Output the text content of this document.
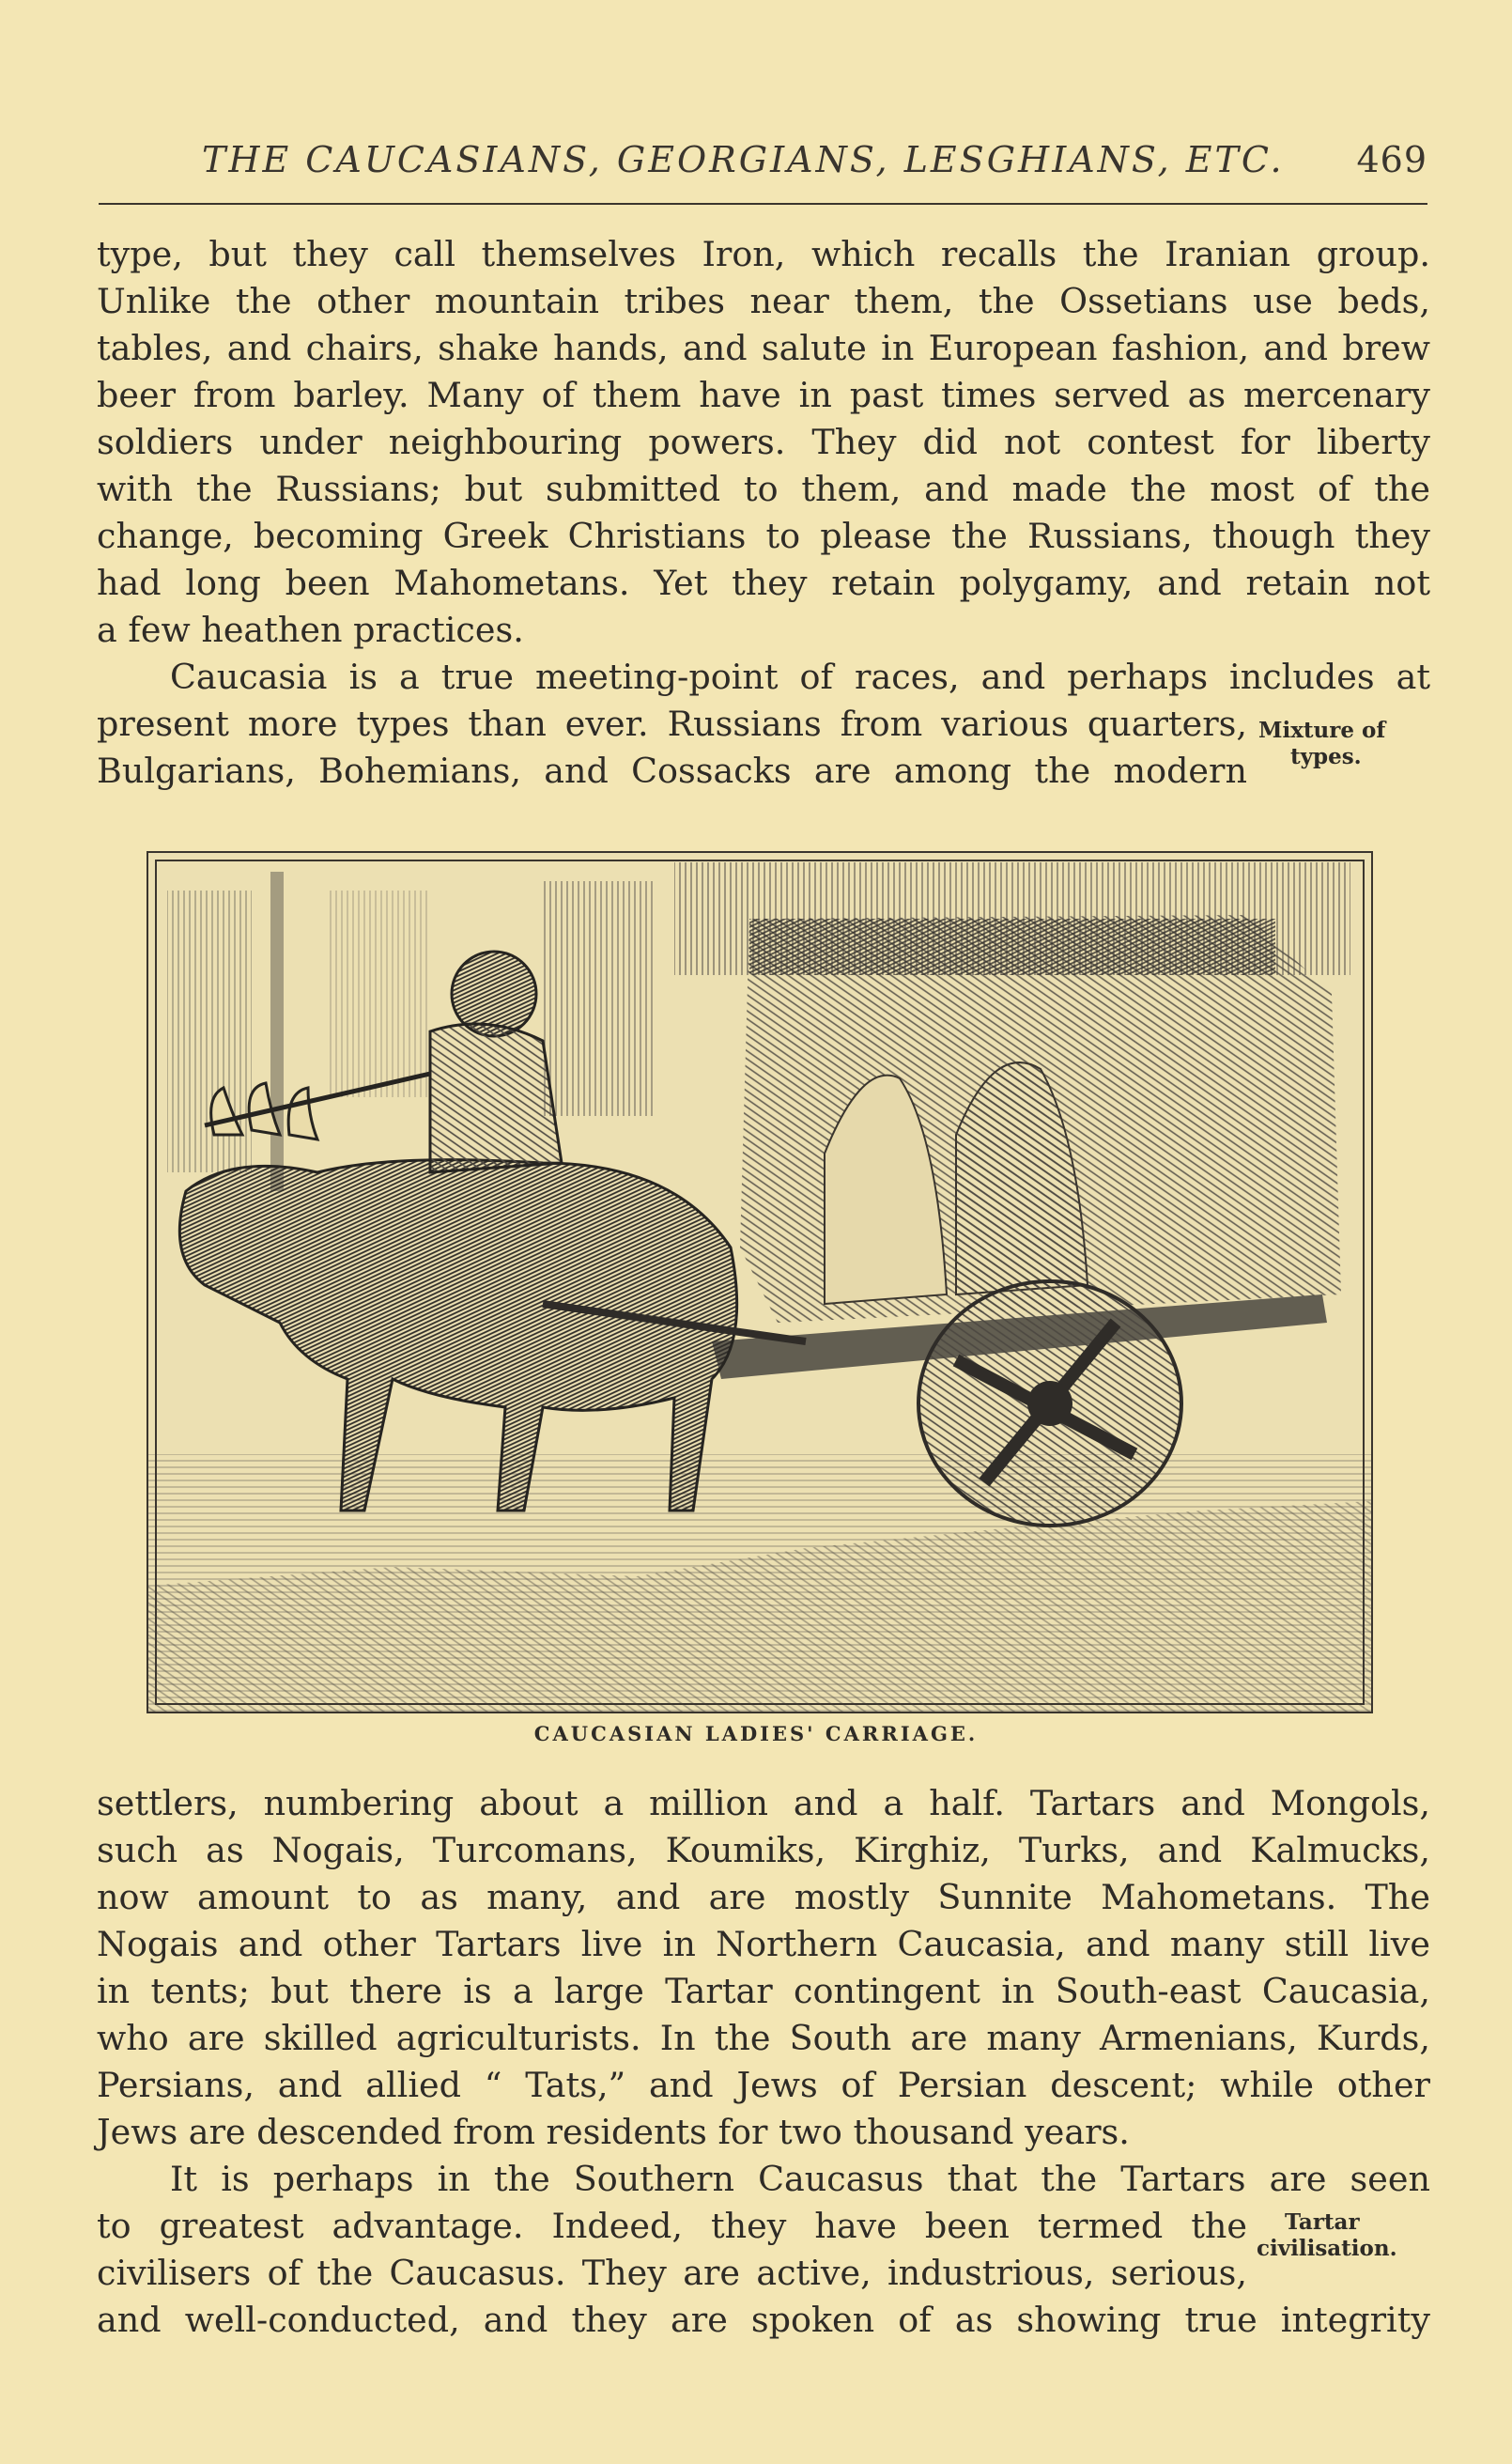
THE CAUCASIANS, GEORGIANS, LESGHIANS, ETC. 469
type, but they call themselves Iron, which recalls the Iranian group.
Unlike the other mountain tribes near them, the Ossetians use beds,
tables, and chairs, shake hands, and salute in European fashion, and brew
beer from barley. Many of them have in past times served as mercenary
soldiers under neighbouring powers. They did not contest for liberty
with the Russians; but submitted to them, and made the most of the
change, becoming Greek Christians to please the Russians, though they
had long been Mahometans. Yet they retain polygamy, and retain not
a few heathen practices.
Caucasia is a true meeting-point of races, and perhaps includes at
present more types than ever. Russians from various quarters,
Bulgarians, Bohemians, and Cossacks are among the modern
Mixture of
types.
CAUCASIAN LADIES' CARRIAGE.
settlers, numbering about a million and a half. Tartars and Mongols,
such as Nogais, Turcomans, Koumiks, Kirghiz, Turks, and Kalmucks,
now amount to as many, and are mostly Sunnite Mahometans. The
Nogais and other Tartars live in Northern Caucasia, and many still live
in tents; but there is a large Tartar contingent in South-east Caucasia,
who are skilled agriculturists. In the South are many Armenians, Kurds,
Persians, and allied “ Tats,” and Jews of Persian descent; while other
Jews are descended from residents for two thousand years.
It is perhaps in the Southern Caucasus that the Tartars are seen
to greatest advantage. Indeed, they have been termed the
civilisers of the Caucasus. They are active, industrious, serious,
and well-conducted, and they are spoken of as showing true integrity
Tartar
civilisation.
